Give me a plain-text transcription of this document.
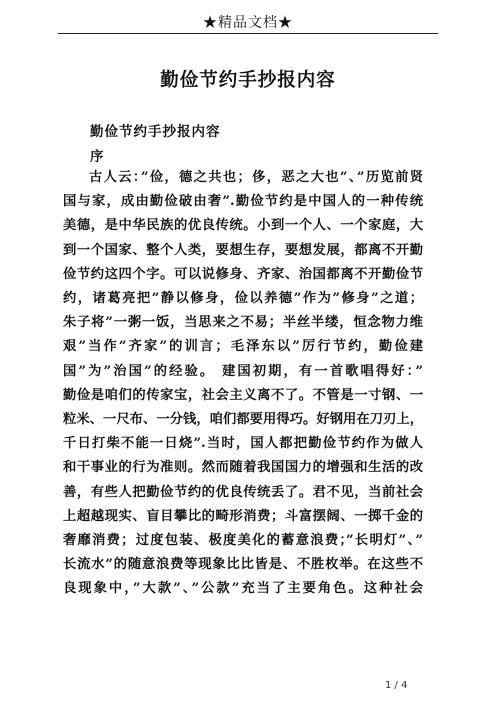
★精品文档★
勤俭节约手抄报内容
勤俭节约手抄报内容
序
古人云：”俭，德之共也；侈，恶之大也”、”历览前贤
国与家，成由勤俭破由奢”.勤俭节约是中国人的一种传统
美德，是中华民族的优良传统。小到一个人、一个家庭，大
到一个国家、整个人类，要想生存，要想发展，都离不开勤
俭节约这四个字。可以说修身、齐家、治国都离不开勤俭节
约，诸葛亮把”静以修身，俭以养德”作为”修身”之道；
朱子将”一粥一饭，当思来之不易；半丝半缕，恒念物力维
艰”当作”齐家”的训言；毛泽东以”厉行节约，勤俭建
国”为”治国”的经验。 建国初期，有一首歌唱得好：”
勤俭是咱们的传家宝，社会主义离不了。不管是一寸钢、一
粒米、一尺布、一分钱，咱们都要用得巧。好钢用在刀刃上，
千日打柴不能一日烧”.当时，国人都把勤俭节约作为做人
和干事业的行为准则。然而随着我国国力的增强和生活的改
善，有些人把勤俭节约的优良传统丢了。君不见，当前社会
上超越现实、盲目攀比的畸形消费；斗富摆阔、一掷千金的
奢靡消费；过度包装、极度美化的蓄意浪费；”长明灯”、”
长流水”的随意浪费等现象比比皆是、不胜枚举。在这些不
良现象中，”大款”、”公款”充当了主要角色。这种社会
1 / 4
